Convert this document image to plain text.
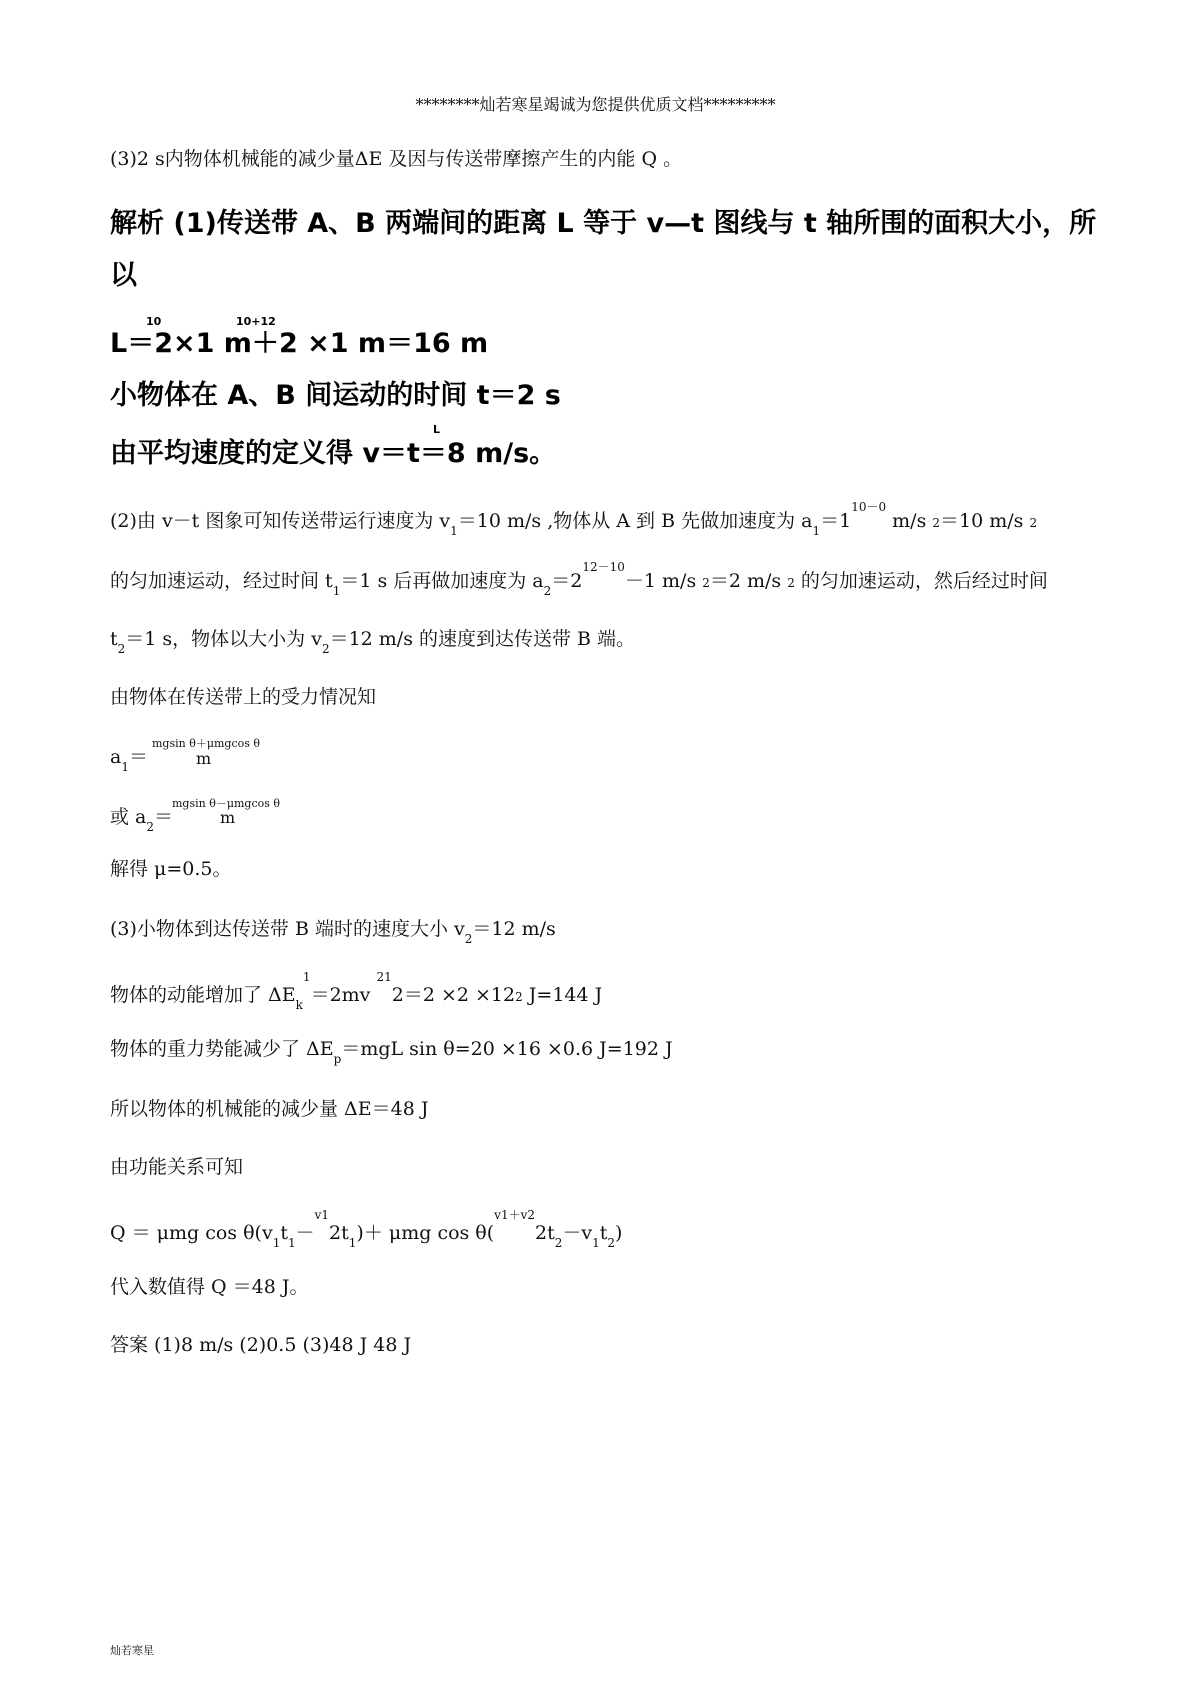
********灿若寒星竭诚为您提供优质文档*********
(3)2 s内物体机械能的减少量ΔE 及因与传送带摩擦产生的内能 Q 。
解析 (1)传送带 A、B 两端间的距离 L 等于 v—t 图线与 t 轴所围的面积大小，所
以
L＝2×1 m＋2 ×1 m＝16 m
10	10+12
小物体在 A、B 间运动的时间 t＝2 s
由平均速度的定义得 v＝t＝8 m/s。
L
(2)由 v－t 图象可知传送带运行速度为 $v_1=10$ m/s ,物体从 A 到 B 先做加速度为 $a_1=1^{10-0}$ m/s 2＝10 m/s 2
的匀加速运动，经过时间 $t_1=1$ s 后再做加速度为 $a_2=2^{12-10}-1$ m/s 2＝2 m/s 2 的匀加速运动，然后经过时间
$t_2=1$ s，物体以大小为 $v_2=12$ m/s 的速度到达传送带 B 端。
由物体在传送带上的受力情况知
$a_1=$
mgsin θ＋μmgcos θ
m
或 $a_2=$
mgsin θ－μmgcos θ
m
解得 μ=0.5。
(3)小物体到达传送带 B 端时的速度大小 $v_2=12$ m/s
物体的动能增加了 $\Delta E_k^1=2mv$ $^{21}$2＝2 ×2 ×122 J=144 J
物体的重力势能减少了 $\Delta E_p=mgL$ sin θ=20 ×16 ×0.6 J=192 J
所以物体的机械能的减少量 ΔE＝48 J
由功能关系可知
Q ＝ μmg $\cos \theta(v_1t_1-^{v1}2t_1)+ \mu mg$ $\cos \theta(^{v1+v2}2t_2-v_1t_2)$
代入数值得 Q ＝48 J。
答案 (1)8 m/s (2)0.5 (3)48 J 48 J
灿若寒星
